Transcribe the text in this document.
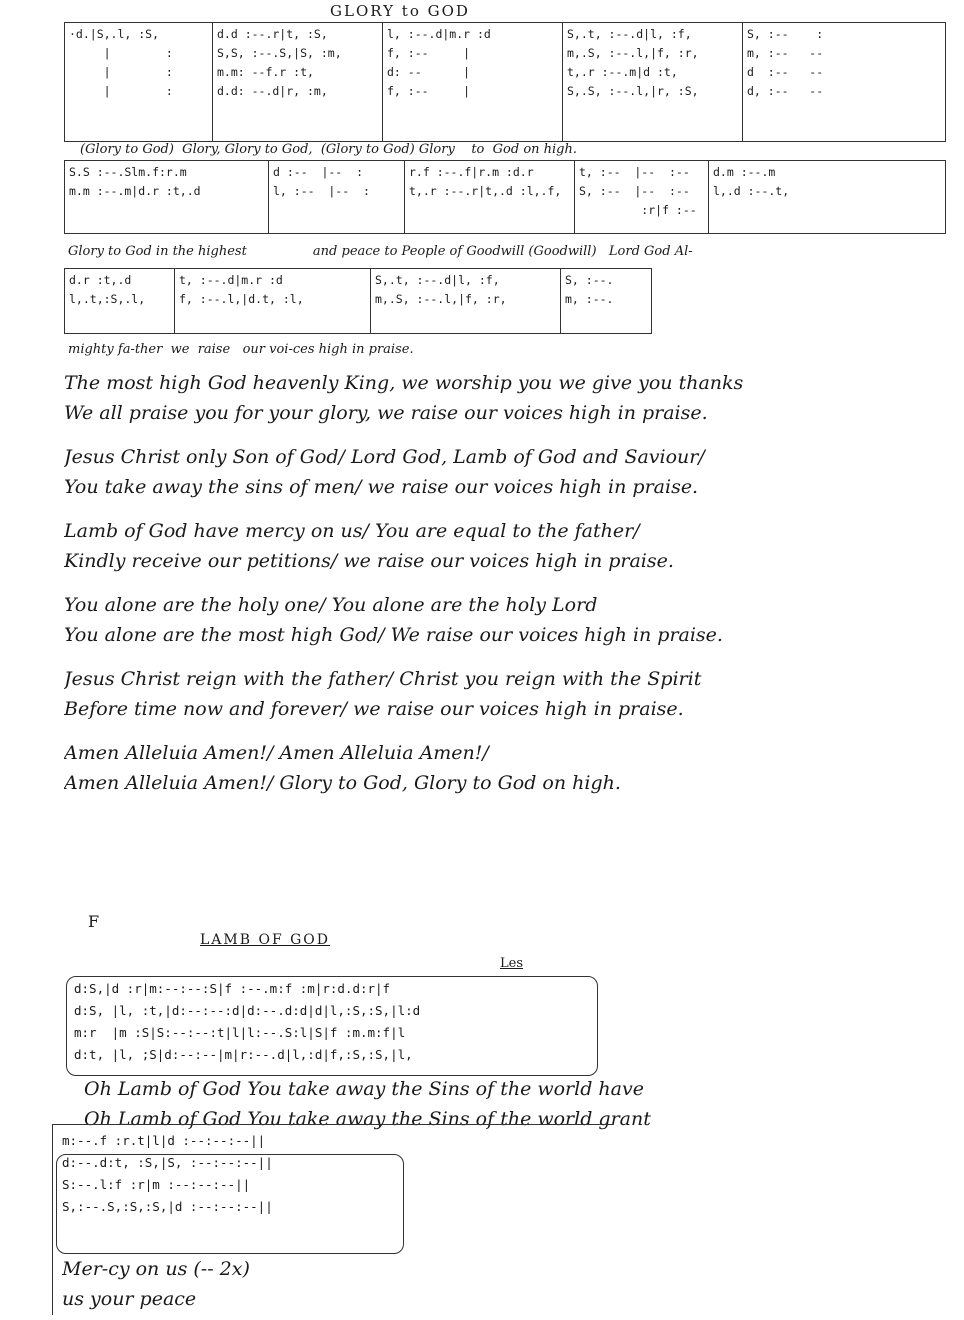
GLORY to GOD
·d.|S,.l, :S,
|        :
|        :
|        :
d.d :--.r|t, :S,
S,S, :--.S,|S, :m,
m.m: --f.r :t,
d.d: --.d|r, :m,
l, :--.d|m.r :d
f, :--     |
d: --      |
f, :--     |
S,.t, :--.d|l, :f,
m,.S, :--.l,|f, :r,
t,.r :--.m|d :t,
S,.S, :--.l,|r, :S,
S, :--    :
m, :--   --
d  :--   --
d, :--   --
(Glory to God)  Glory, Glory to God,  (Glory to God) Glory    to  God on high.
S.S :--.Slm.f:r.m
m.m :--.m|d.r :t,.d
d :--  |--  :
l, :--  |--  :
r.f :--.f|r.m :d.r
t,.r :--.r|t,.d :l,.f,
t, :--  |--  :--
S, :--  |--  :--
:r|f :--
d.m :--.m
l,.d :--.t,
Glory to God in the highest                and peace to People of Goodwill (Goodwill)   Lord God Al-
d.r :t,.d
l,.t,:S,.l,
t, :--.d|m.r :d
f, :--.l,|d.t, :l,
S,.t, :--.d|l, :f,
m,.S, :--.l,|f, :r,
S, :--.
m, :--.
mighty fa-ther  we  raise   our voi-ces high in praise.
The most high God heavenly King, we worship you we give you thanks
We all praise you for your glory, we raise our voices high in praise.
Jesus Christ only Son of God/ Lord God, Lamb of God and Saviour/
You take away the sins of men/ we raise our voices high in praise.
Lamb of God have mercy on us/ You are equal to the father/
Kindly receive our petitions/ we raise our voices high in praise.
You alone are the holy one/ You alone are the holy Lord
You alone are the most high God/ We raise our voices high in praise.
Jesus Christ reign with the father/ Christ you reign with the Spirit
Before time now and forever/ we raise our voices high in praise.
Amen Alleluia Amen!/ Amen Alleluia Amen!/
Amen Alleluia Amen!/ Glory to God, Glory to God on high.
F
LAMB OF GOD
Les
d:S,|d :r|m:--:--:S|f :--.m:f :m|r:d.d:r|f
d:S, |l, :t,|d:--:--:d|d:--.d:d|d|l,:S,:S,|l:d
m:r  |m :S|S:--:--:t|l|l:--.S:l|S|f :m.m:f|l
d:t, |l, ;S|d:--:--|m|r:--.d|l,:d|f,:S,:S,|l,
Oh Lamb of God You take away the Sins of the world have
Oh Lamb of God You take away the Sins of the world grant
m:--.f :r.t|l|d :--:--:--||
d:--.d:t, :S,|S, :--:--:--||
S:--.l:f :r|m :--:--:--||
S,:--.S,:S,:S,|d :--:--:--||
Mer-cy on us (-- 2x)
us your peace
